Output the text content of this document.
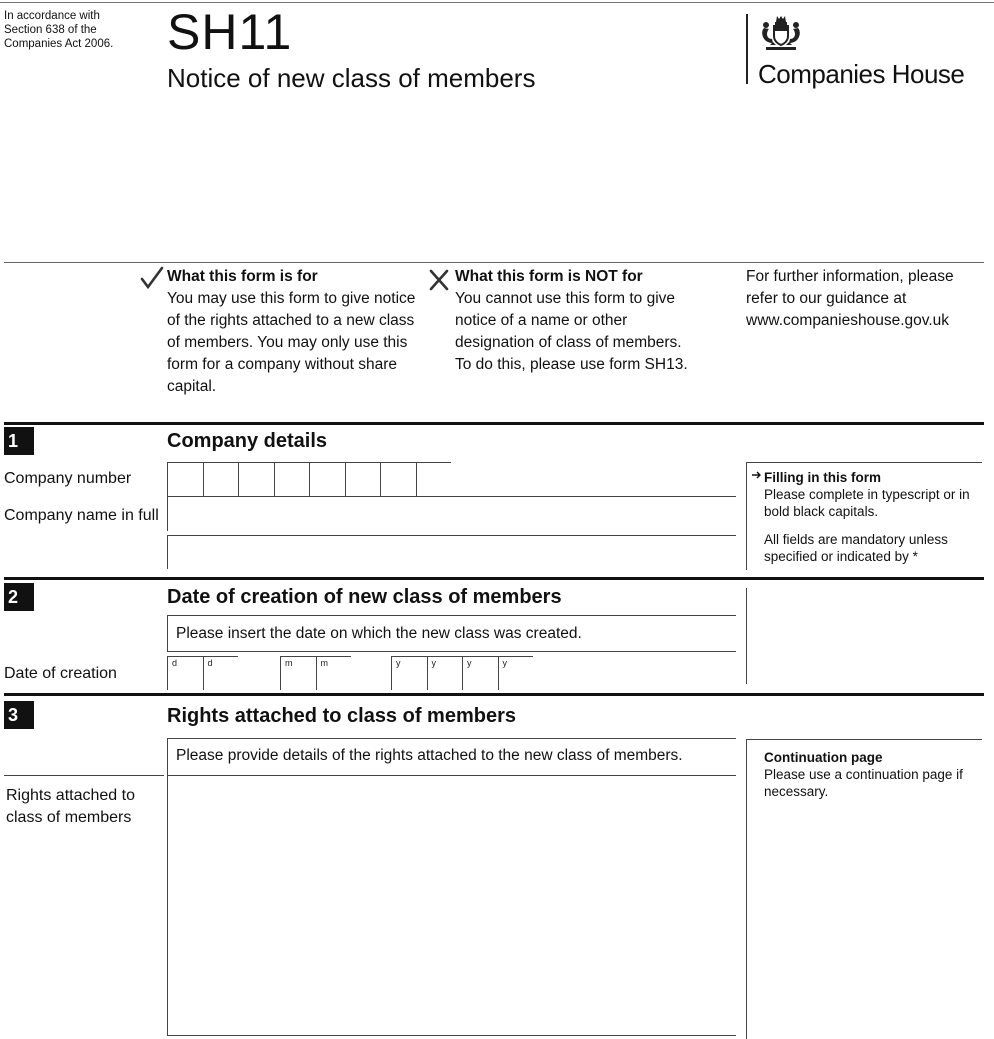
In accordance with
Section 638 of the
Companies Act 2006.	SH11
Notice of new class of members	Companies House
What this form is for
You may use this form to give notice of the rights attached to a new class of members. You may only use this form for a company without share capital.
What this form is NOT for
You cannot use this form to give notice of a name or other designation of class of members. To do this, please use form SH13.
For further information, please refer to our guidance at www.companieshouse.gov.uk
1	Company details
Company number
Company name in full
Filling in this form
Please complete in typescript or in bold black capitals.
All fields are mandatory unless specified or indicated by *
2	Date of creation of new class of members
Please insert the date on which the new class was created.
Date of creation
d	d	m	m	y	y	y	y
3	Rights attached to class of members
Please provide details of the rights attached to the new class of members.
Rights attached to class of members
Continuation page
Please use a continuation page if necessary.
